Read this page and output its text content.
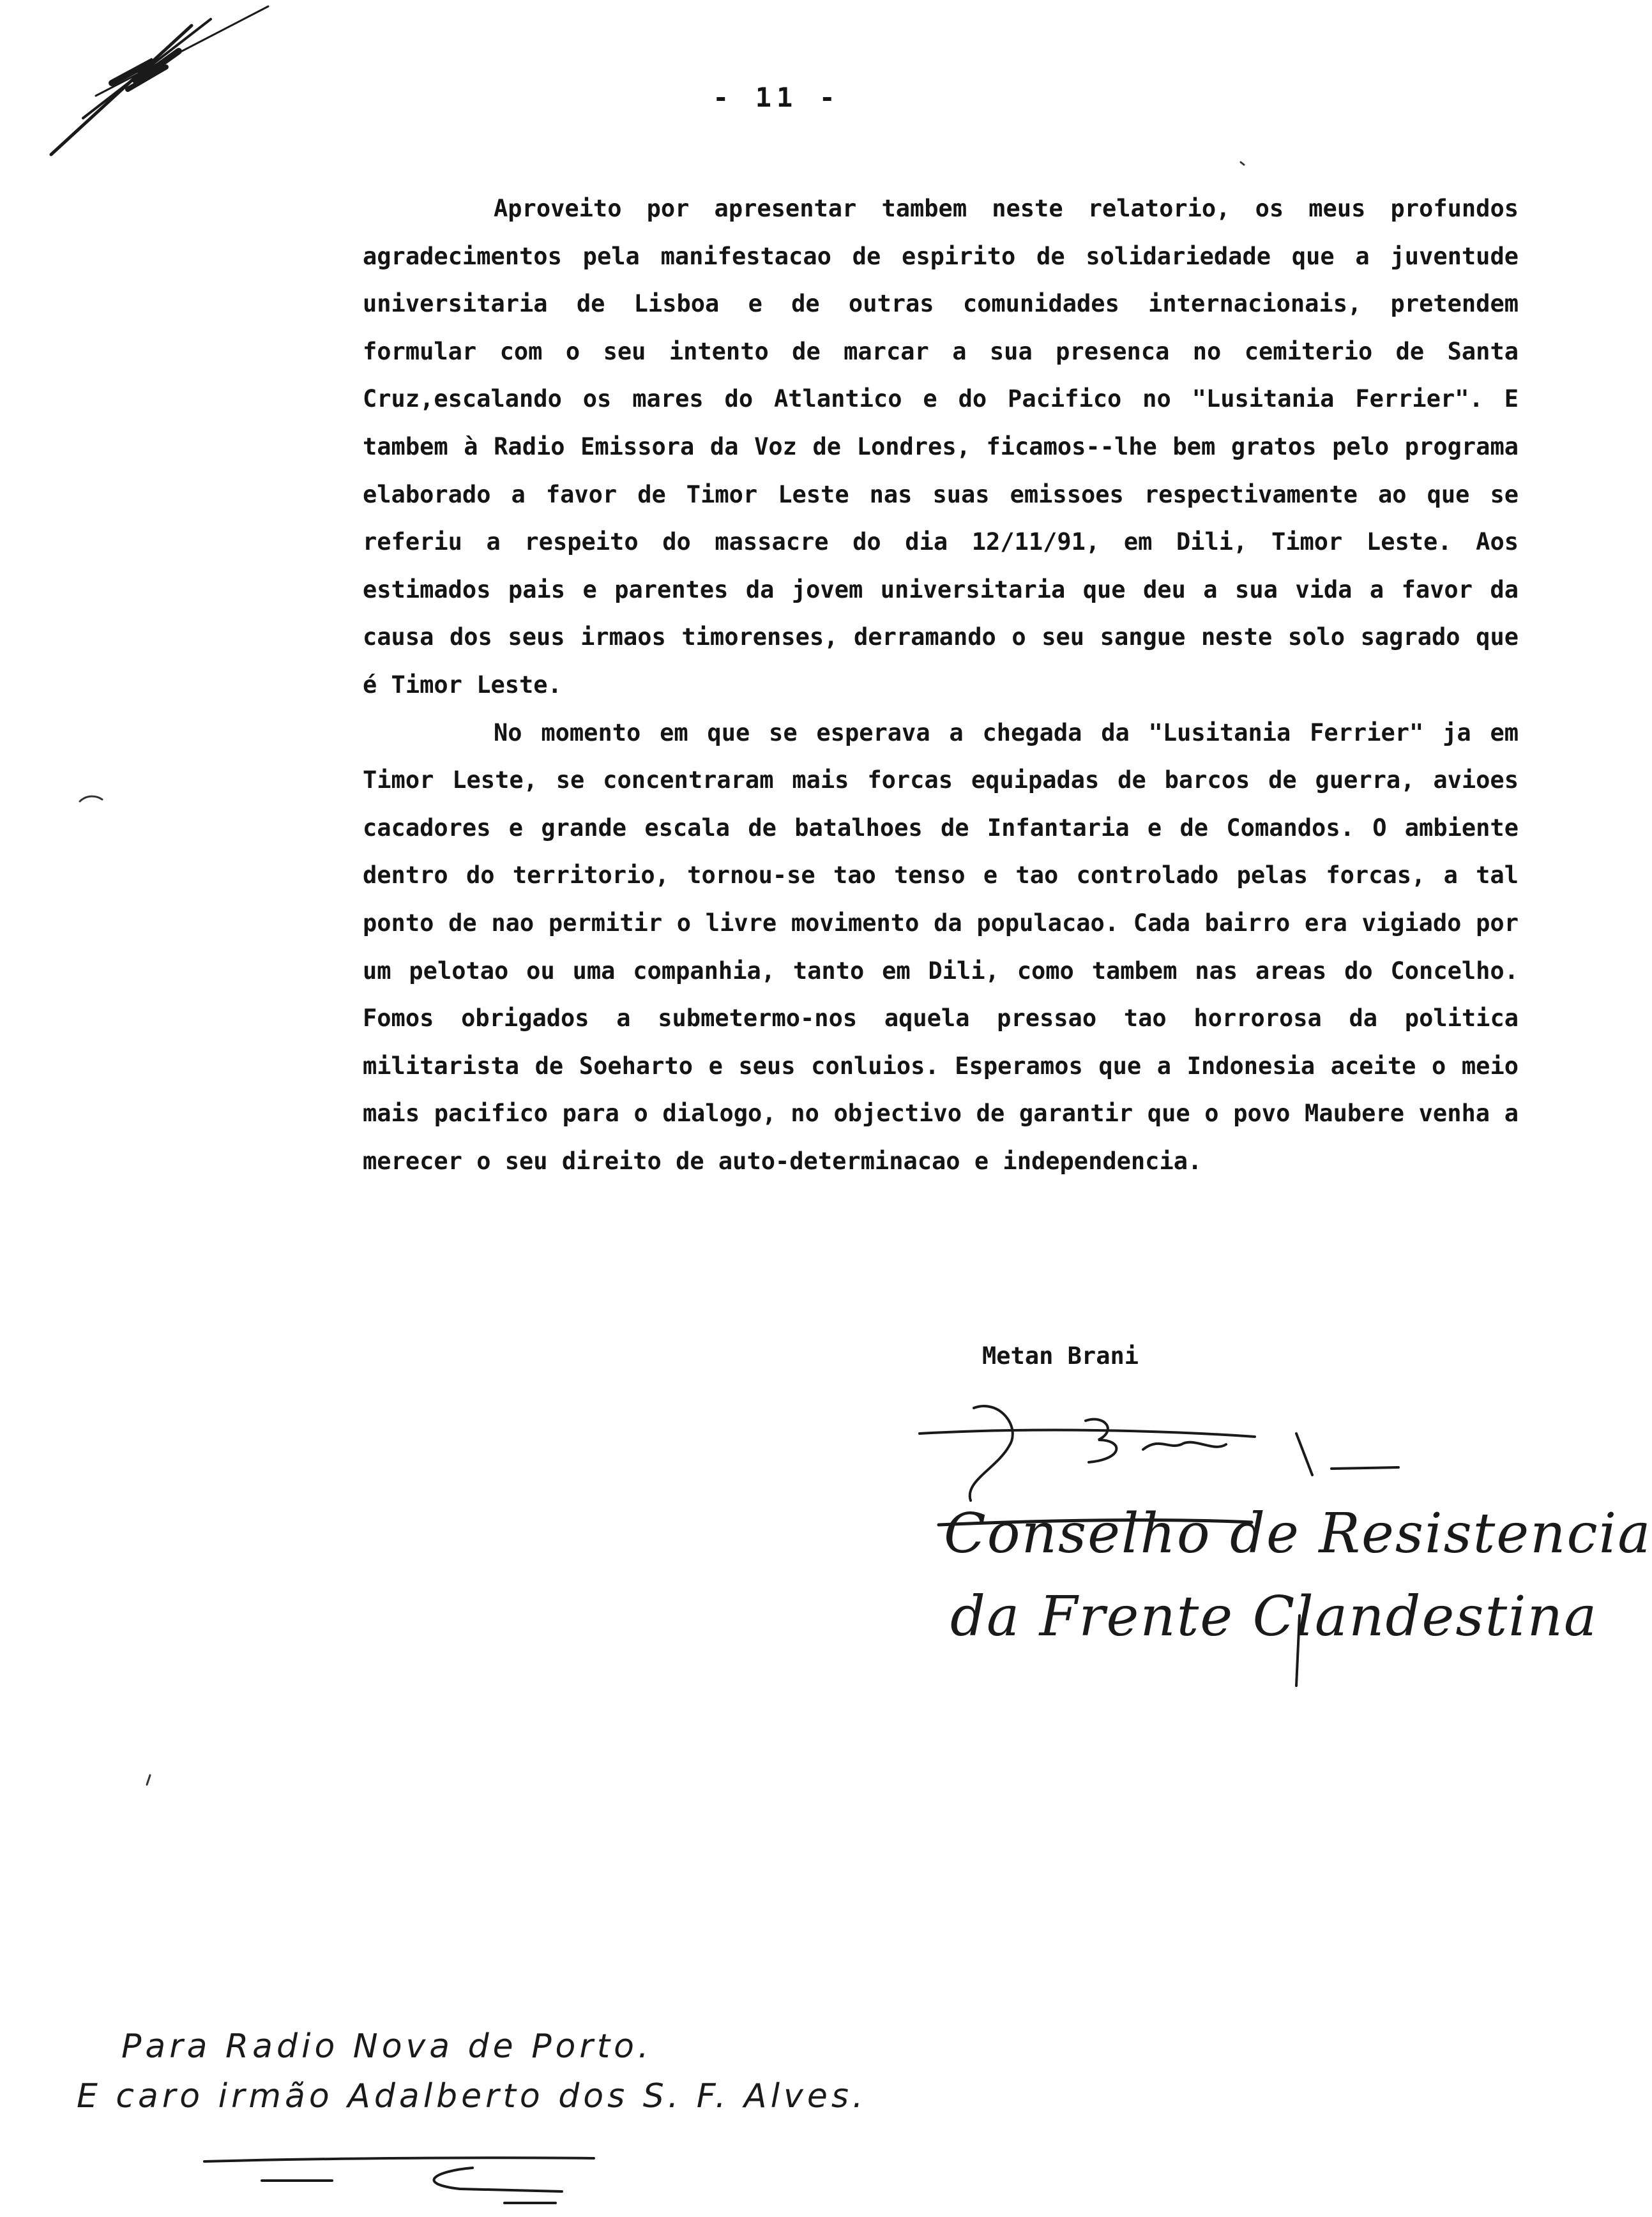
- 11 -

Aproveito por apresentar tambem neste relatorio, os meus profundos agradecimentos pela manifestacao de espirito de solidariedade que a juventude universitaria de Lisboa e de outras comunidades internacionais, pretendem formular com o seu intento de marcar a sua presenca no cemiterio de Santa Cruz,escalando os mares do Atlantico e do Pacifico no "Lusitania Ferrier". E tambem à Radio Emissora da Voz de Londres, ficamos--lhe bem gratos pelo programa elaborado a favor de Timor Leste nas suas emissoes respectivamente ao que se referiu a respeito do massacre do dia 12/11/91, em Dili, Timor Leste. Aos estimados pais e parentes da jovem universitaria que deu a sua vida a favor da causa dos seus irmaos timorenses, derramando o seu sangue neste solo sagrado que é Timor Leste.

No momento em que se esperava a chegada da "Lusitania Ferrier" ja em Timor Leste, se concentraram mais forcas equipadas de barcos de guerra, avioes cacadores e grande escala de batalhoes de Infantaria e de Comandos. O ambiente dentro do territorio, tornou-se tao tenso e tao controlado pelas forcas, a tal ponto de nao permitir o livre movimento da populacao. Cada bairro era vigiado por um pelotao ou uma companhia, tanto em Dili, como tambem nas areas do Concelho. Fomos obrigados a submetermo-nos aquela pressao tao horrorosa da politica militarista de Soeharto e seus conluios. Esperamos que a Indonesia aceite o meio mais pacifico para o dialogo, no objectivo de garantir que o povo Maubere venha a merecer o seu direito de auto-determinacao e independencia.

Metan Brani
Conselho de Resistencia
da Frente Clandestina
Para Radio Nova de Porto.
E caro irmão Adalberto dos S. F. Alves.
